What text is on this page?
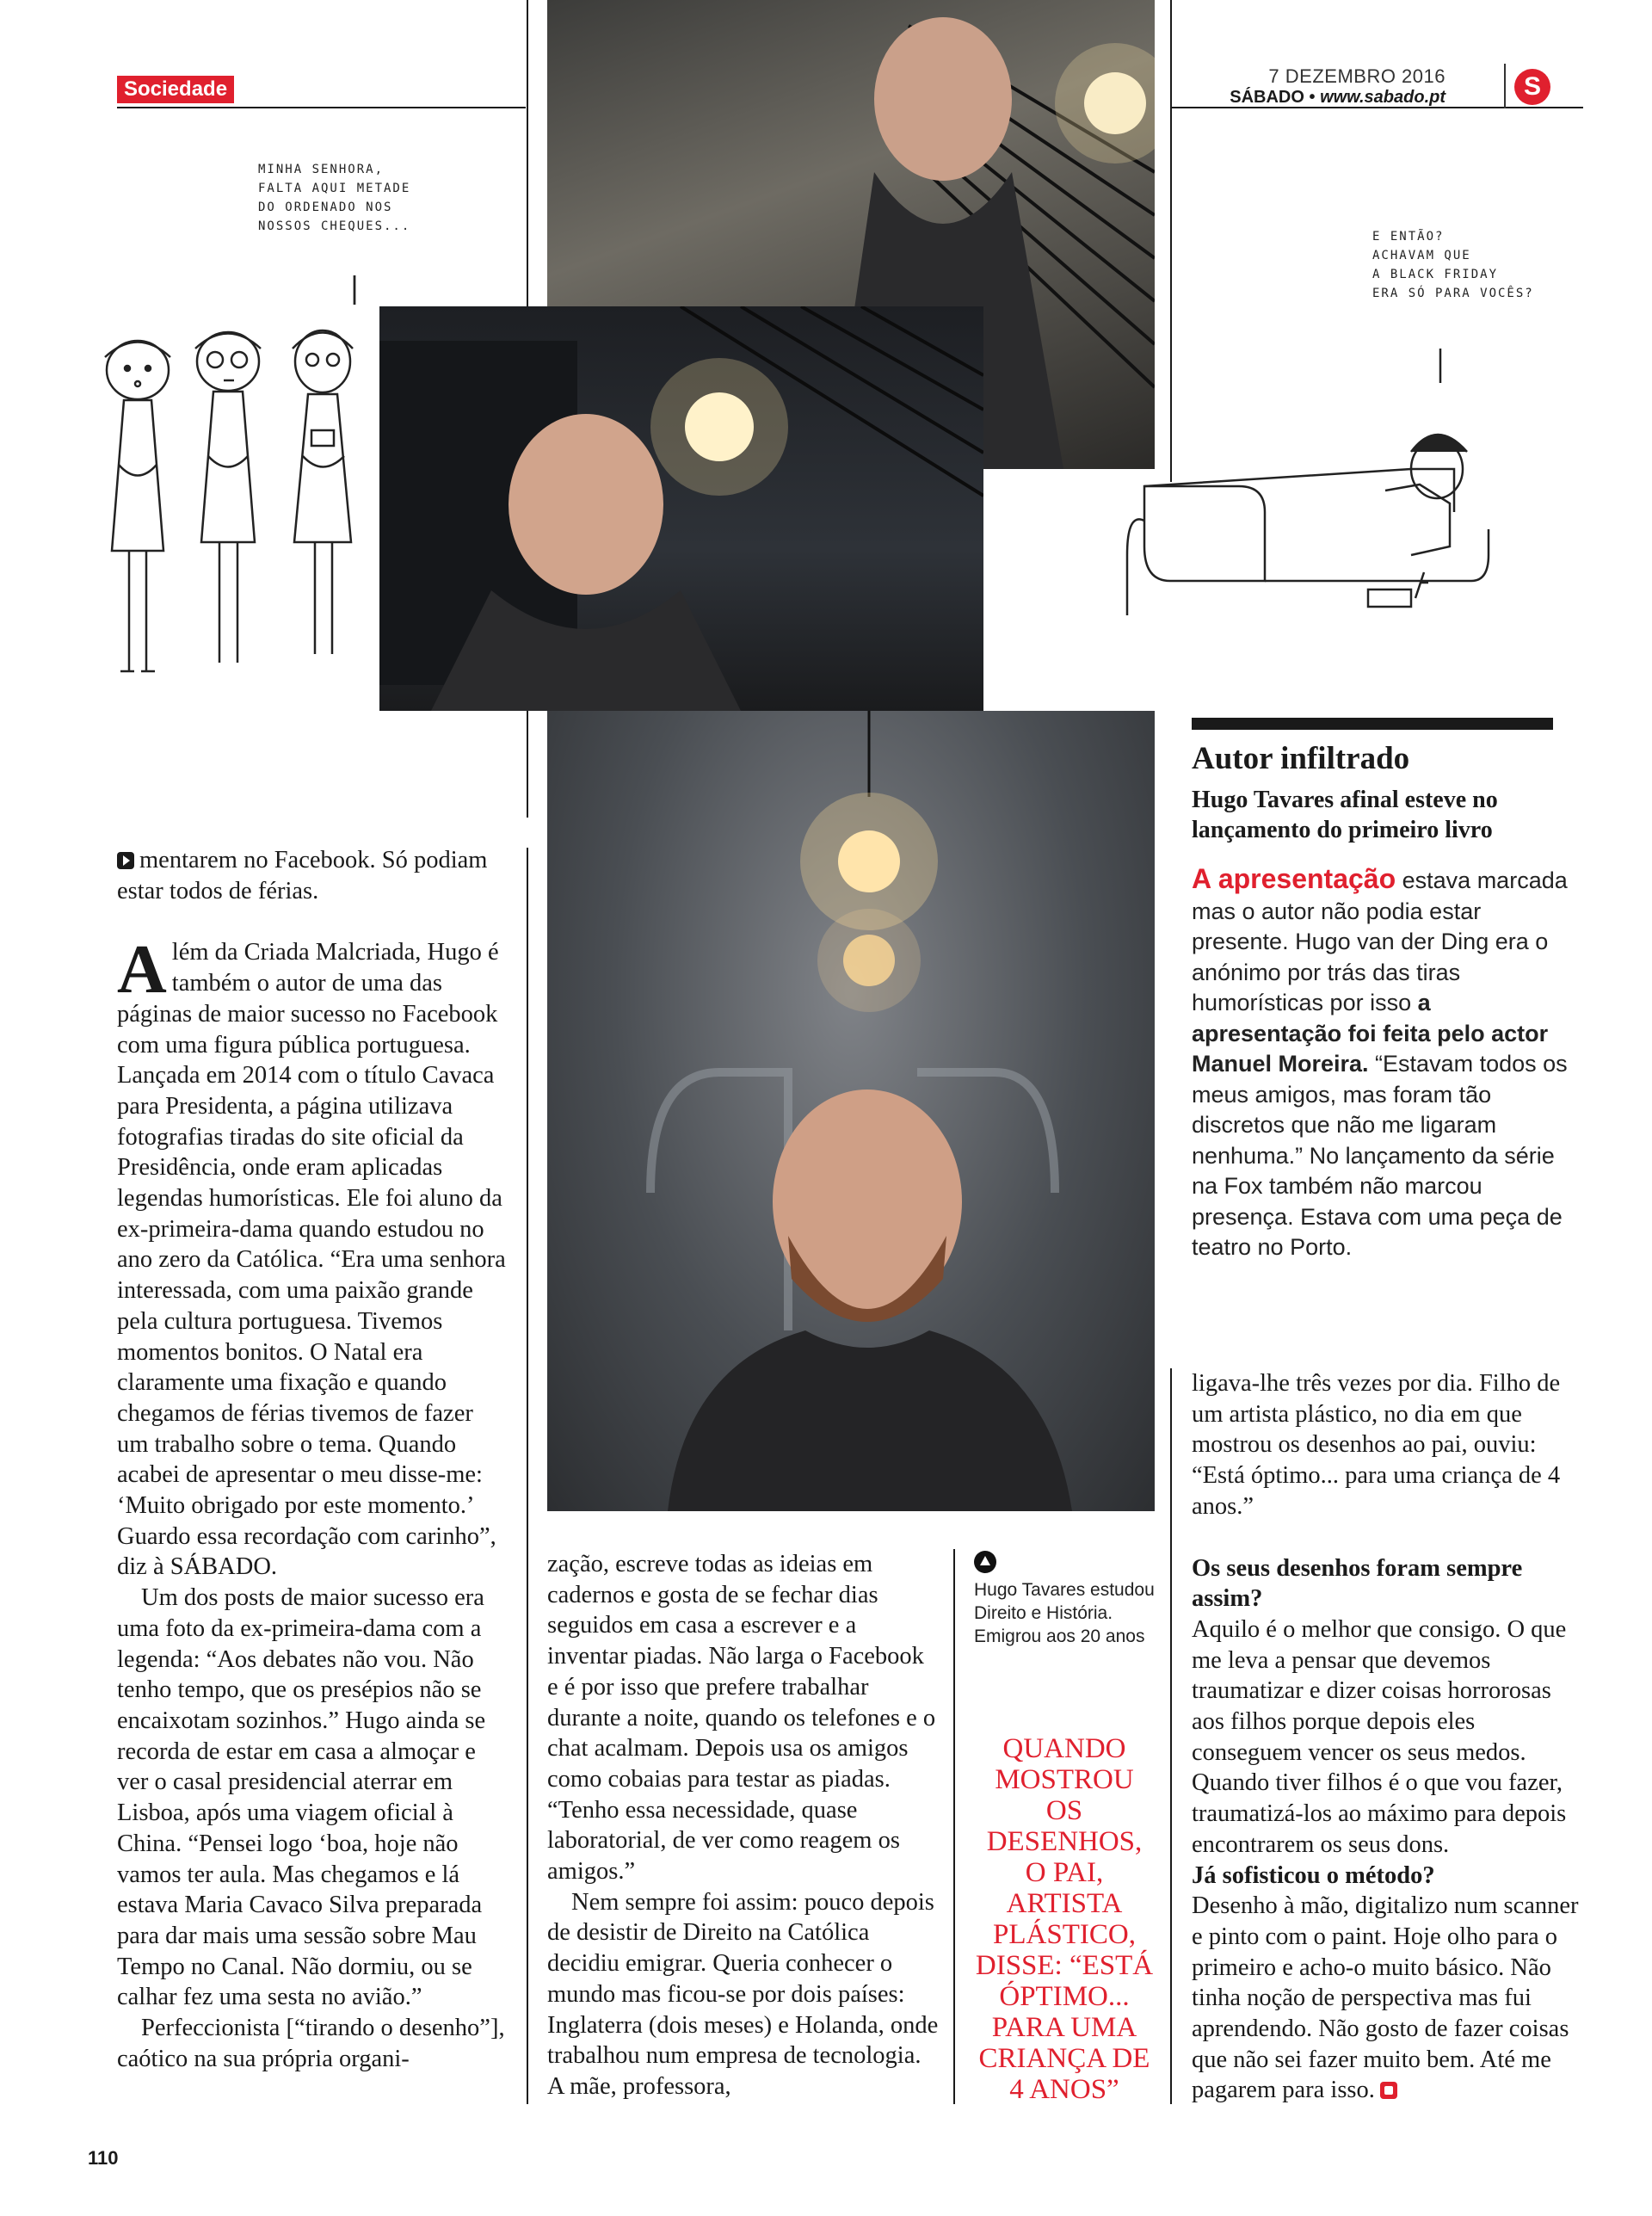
Sociedade
7 DEZEMBRO 2016
SÁBADO • www.sabado.pt	S
MINHA SENHORA,
FALTA AQUI METADE
DO ORDENADO NOS
NOSSOS CHEQUES...
E ENTÃO?
ACHAVAM QUE
A BLACK FRIDAY
ERA SÓ PARA VOCÊS?

mentarem no Facebook. Só podiam estar todos de férias.

Além da Criada Malcriada, Hugo é também o autor de uma das páginas de maior sucesso no Facebook com uma figura pública portuguesa. Lançada em 2014 com o título Cavaca para Presidenta, a página utilizava fotografias tiradas do site oficial da Presidência, onde eram aplicadas legendas humorísticas. Ele foi aluno da ex-primeira-dama quando estudou no ano zero da Católica. “Era uma senhora interessada, com uma paixão grande pela cultura portuguesa. Tivemos momentos bonitos. O Natal era claramente uma fixação e quando chegamos de férias tivemos de fazer um trabalho sobre o tema. Quando acabei de apresentar o meu disse-me: ‘Muito obrigado por este momento.’ Guardo essa recordação com carinho”, diz à SÁBADO.

Um dos posts de maior sucesso era uma foto da ex-primeira-dama com a legenda: “Aos debates não vou. Não tenho tempo, que os presépios não se encaixotam sozinhos.” Hugo ainda se recorda de estar em casa a almoçar e ver o casal presidencial aterrar em Lisboa, após uma viagem oficial à China. “Pensei logo ‘boa, hoje não vamos ter aula. Mas chegamos e lá estava Maria Cavaco Silva preparada para dar mais uma sessão sobre Mau Tempo no Canal. Não dormiu, ou se calhar fez uma sesta no avião.”

Perfeccionista [“tirando o desenho”], caótico na sua própria organi-

zação, escreve todas as ideias em cadernos e gosta de se fechar dias seguidos em casa a escrever e a inventar piadas. Não larga o Facebook e é por isso que prefere trabalhar durante a noite, quando os telefones e o chat acalmam. Depois usa os amigos como cobaias para testar as piadas. “Tenho essa necessidade, quase laboratorial, de ver como reagem os amigos.”

Nem sempre foi assim: pouco depois de desistir de Direito na Católica decidiu emigrar. Queria conhecer o mundo mas ficou-se por dois países: Inglaterra (dois meses) e Holanda, onde trabalhou num empresa de tecnologia. A mãe, professora,

Hugo Tavares estudou Direito e História. Emigrou aos 20 anos
QUANDO MOSTROU OS DESENHOS, O PAI, ARTISTA PLÁSTICO, DISSE: “ESTÁ ÓPTIMO... PARA UMA CRIANÇA DE 4 ANOS”
Autor infiltrado
Hugo Tavares afinal esteve no lançamento do primeiro livro
A apresentação estava marcada mas o autor não podia estar presente. Hugo van der Ding era o anónimo por trás das tiras humorísticas por isso a apresentação foi feita pelo actor Manuel Moreira. “Estavam todos os meus amigos, mas foram tão discretos que não me ligaram nenhuma.” No lançamento da série na Fox também não marcou presença. Estava com uma peça de teatro no Porto.

ligava-lhe três vezes por dia. Filho de um artista plástico, no dia em que mostrou os desenhos ao pai, ouviu: “Está óptimo... para uma criança de 4 anos.”

Os seus desenhos foram sempre assim?

Aquilo é o melhor que consigo. O que me leva a pensar que devemos traumatizar e dizer coisas horrorosas aos filhos porque depois eles conseguem vencer os seus medos. Quando tiver filhos é o que vou fazer, traumatizá-los ao máximo para depois encontrarem os seus dons.

Já sofisticou o método?

Desenho à mão, digitalizo num scanner e pinto com o paint. Hoje olho para o primeiro e acho-o muito básico. Não tinha noção de perspectiva mas fui aprendendo. Não gosto de fazer coisas que não sei fazer muito bem. Até me pagarem para isso.

110
